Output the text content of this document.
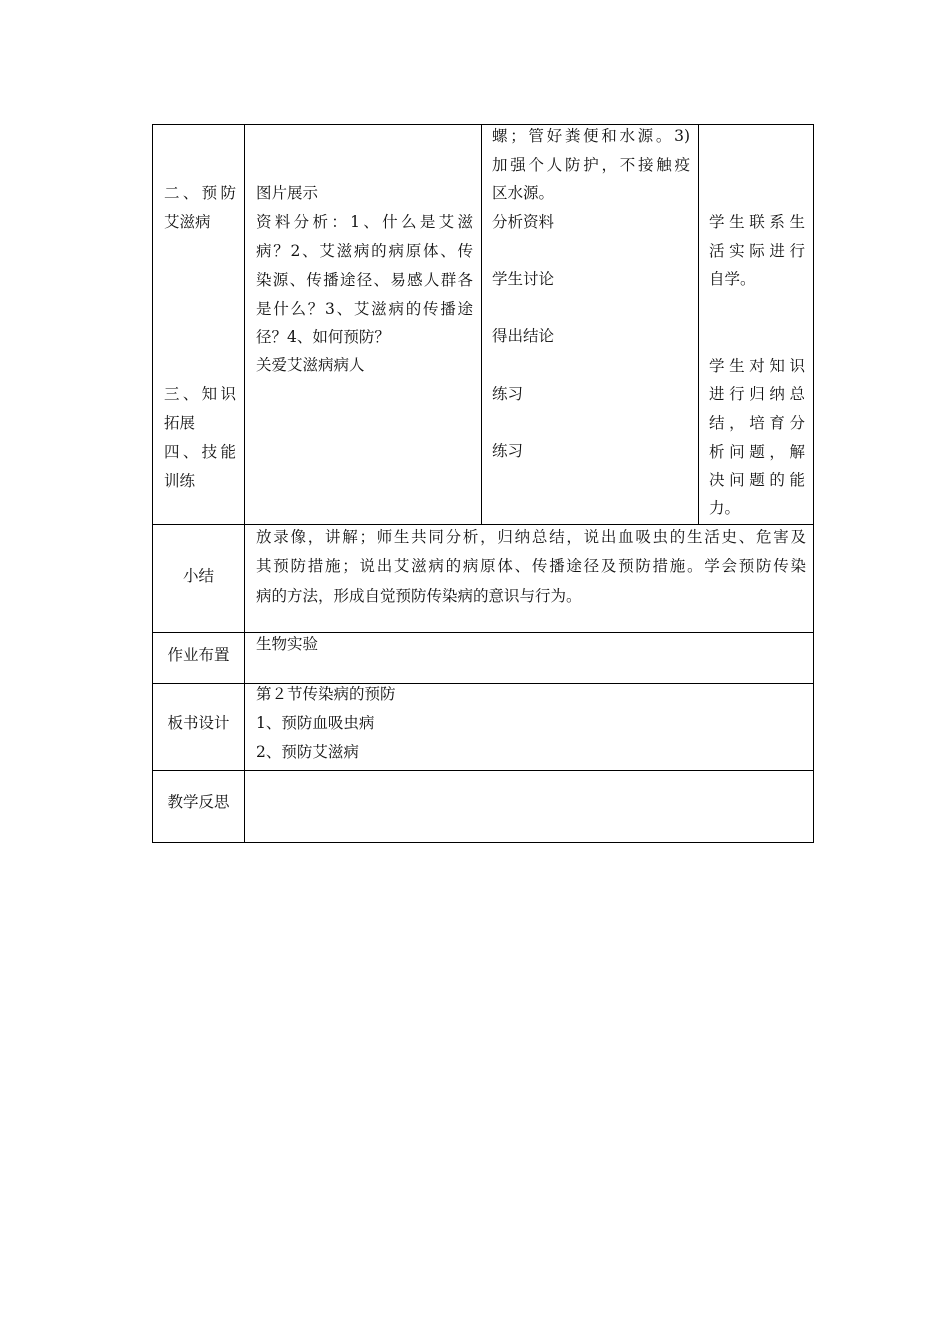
二、预防
艾滋病
三、知识
拓展
四、技能
训练
图片展示
资料分析：1、什么是艾滋
病？2、艾滋病的病原体、传
染源、传播途径、易感人群各
是什么？3、艾滋病的传播途
径？4、如何预防？
关爱艾滋病病人
螺；管好粪便和水源。3)
加强个人防护，不接触疫
区水源。
分析资料
学生讨论
得出结论
练习
练习
学生联系生
活实际进行
自学。
学生对知识
进行归纳总
结，培育分
析问题，解
决问题的能
力。
小结
放录像，讲解；师生共同分析，归纳总结，说出血吸虫的生活史、危害及
其预防措施；说出艾滋病的病原体、传播途径及预防措施。学会预防传染
病的方法，形成自觉预防传染病的意识与行为。
作业布置
生物实验
板书设计
第２节传染病的预防
1、预防血吸虫病
2、预防艾滋病
教学反思
